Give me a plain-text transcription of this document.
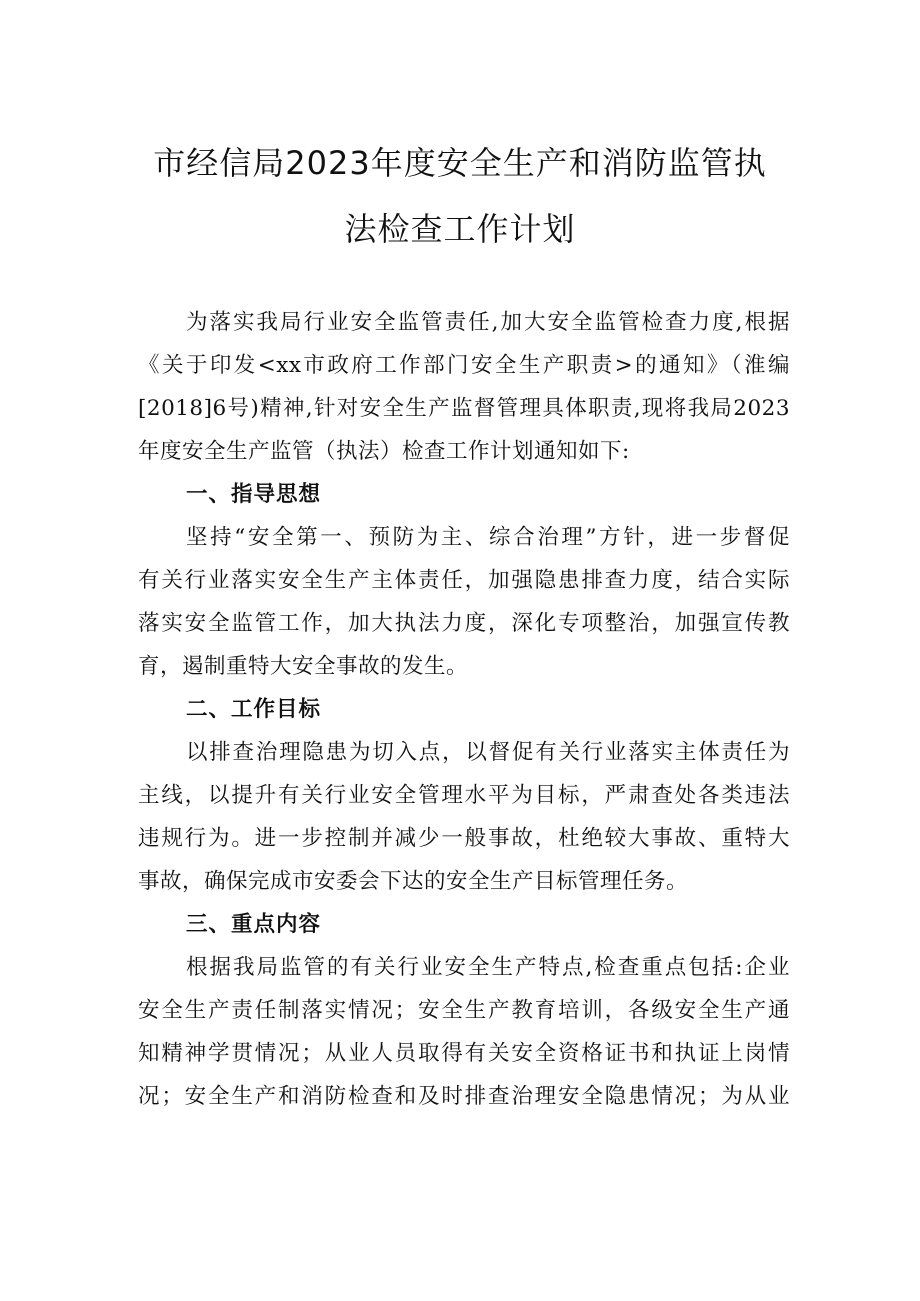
市经信局2023年度安全生产和消防监管执
法检查工作计划
为落实我局行业安全监管责任,加大安全监管检查力度,根据
《关于印发<xx市政府工作部门安全生产职责>的通知》（淮编
[2018]6号)精神,针对安全生产监督管理具体职责,现将我局2023
年度安全生产监管（执法）检查工作计划通知如下:
一、指导思想
坚持“安全第一、预防为主、综合治理”方针，进一步督促
有关行业落实安全生产主体责任，加强隐患排查力度，结合实际
落实安全监管工作，加大执法力度，深化专项整治，加强宣传教
育，遏制重特大安全事故的发生。
二、工作目标
以排查治理隐患为切入点，以督促有关行业落实主体责任为
主线，以提升有关行业安全管理水平为目标，严肃查处各类违法
违规行为。进一步控制并减少一般事故，杜绝较大事故、重特大
事故，确保完成市安委会下达的安全生产目标管理任务。
三、重点内容
根据我局监管的有关行业安全生产特点,检查重点包括:企业
安全生产责任制落实情况；安全生产教育培训，各级安全生产通
知精神学贯情况；从业人员取得有关安全资格证书和执证上岗情
况；安全生产和消防检查和及时排查治理安全隐患情况；为从业
